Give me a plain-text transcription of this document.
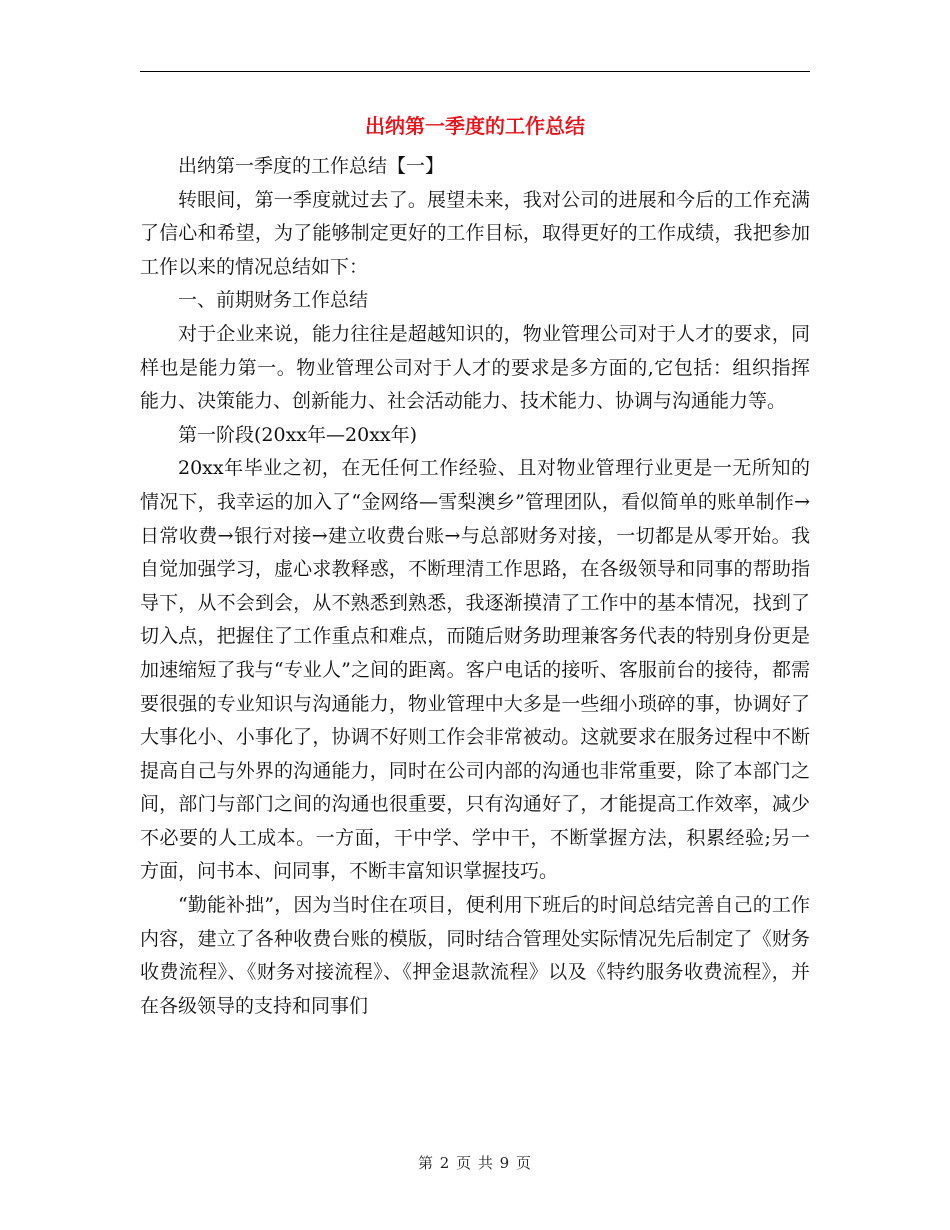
出纳第一季度的工作总结

出纳第一季度的工作总结【一】

转眼间，第一季度就过去了。展望未来，我对公司的进展和今后的工作充满了信心和希望，为了能够制定更好的工作目标，取得更好的工作成绩，我把参加工作以来的情况总结如下：

一、前期财务工作总结

对于企业来说，能力往往是超越知识的，物业管理公司对于人才的要求，同样也是能力第一。物业管理公司对于人才的要求是多方面的,它包括：组织指挥能力、决策能力、创新能力、社会活动能力、技术能力、协调与沟通能力等。

第一阶段(20xx年—20xx年)

20xx年毕业之初，在无任何工作经验、且对物业管理行业更是一无所知的情况下，我幸运的加入了“金网络—雪梨澳乡”管理团队，看似简单的账单制作→日常收费→银行对接→建立收费台账→与总部财务对接，一切都是从零开始。我自觉加强学习，虚心求教释惑，不断理清工作思路，在各级领导和同事的帮助指导下，从不会到会，从不熟悉到熟悉，我逐渐摸清了工作中的基本情况，找到了切入点，把握住了工作重点和难点，而随后财务助理兼客务代表的特别身份更是加速缩短了我与“专业人”之间的距离。客户电话的接听、客服前台的接待，都需要很强的专业知识与沟通能力，物业管理中大多是一些细小琐碎的事，协调好了大事化小、小事化了，协调不好则工作会非常被动。这就要求在服务过程中不断提高自己与外界的沟通能力，同时在公司内部的沟通也非常重要，除了本部门之间，部门与部门之间的沟通也很重要，只有沟通好了，才能提高工作效率，减少不必要的人工成本。一方面，干中学、学中干，不断掌握方法，积累经验;另一方面，问书本、问同事，不断丰富知识掌握技巧。

“勤能补拙”，因为当时住在项目，便利用下班后的时间总结完善自己的工作内容，建立了各种收费台账的模版，同时结合管理处实际情况先后制定了《财务收费流程》、《财务对接流程》、《押金退款流程》以及《特约服务收费流程》，并在各级领导的支持和同事们

第 2 页 共 9 页
